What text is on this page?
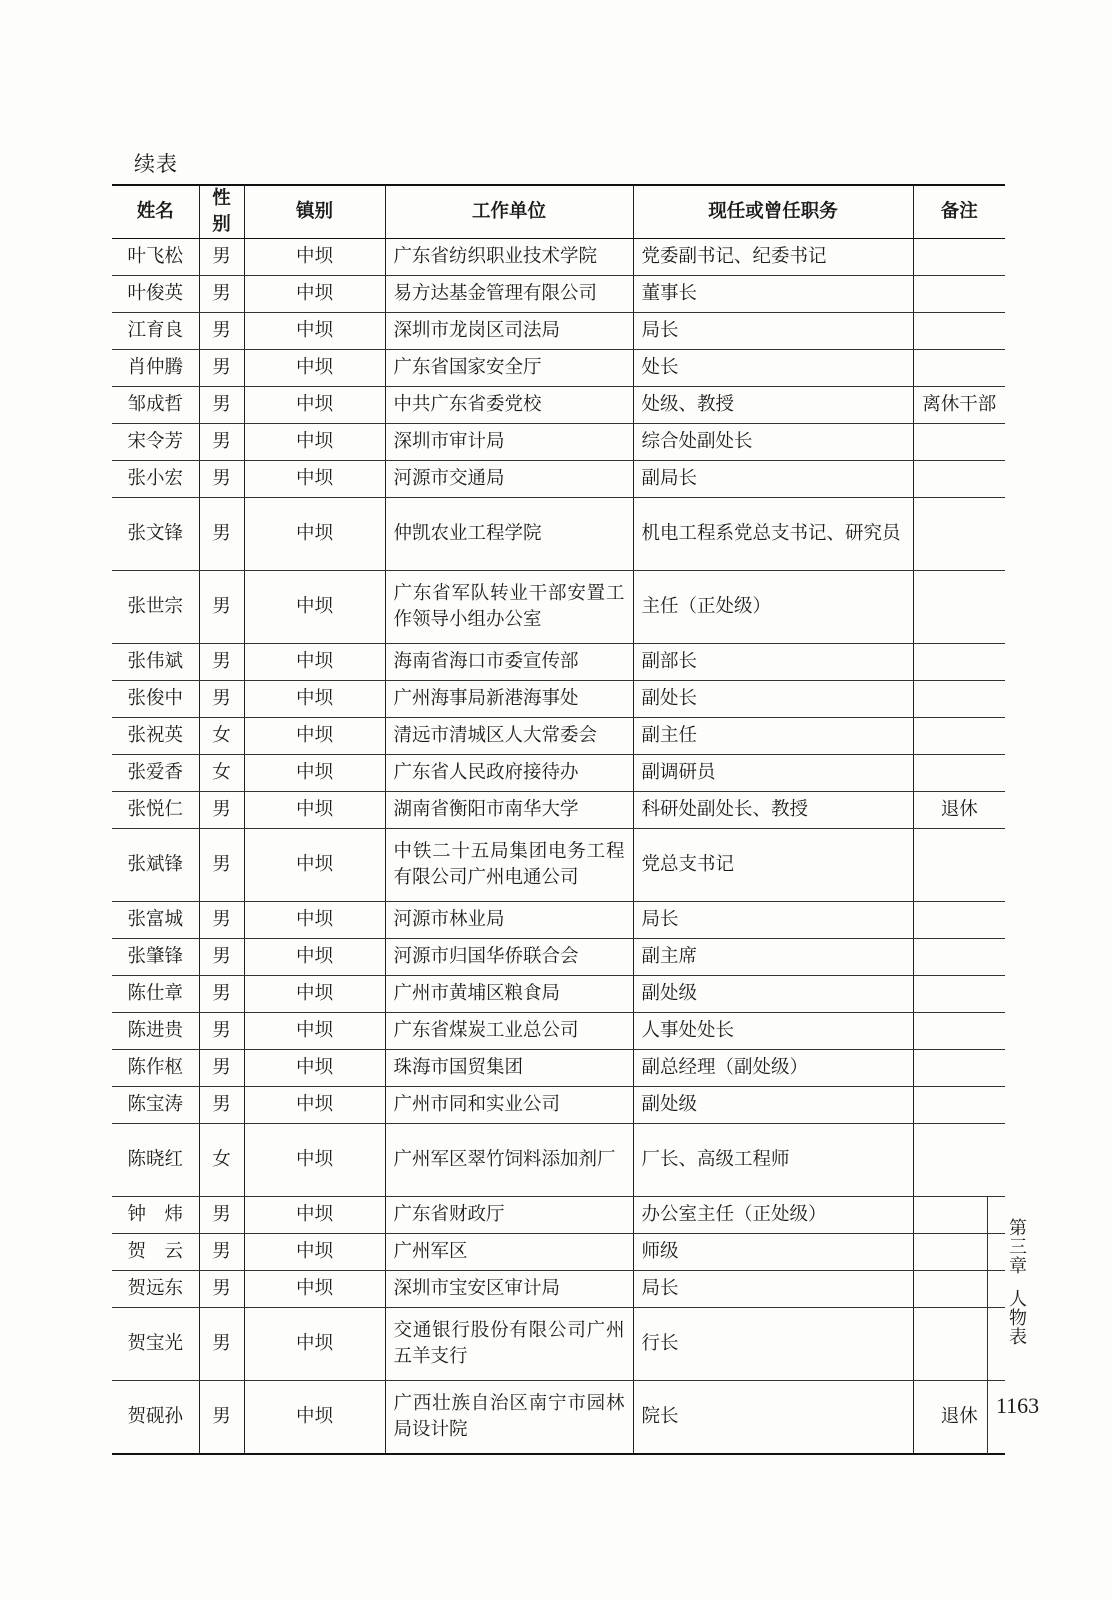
续表
姓名	性别	镇别	工作单位	现任或曾任职务	备注
叶飞松	男	中坝	广东省纺织职业技术学院	党委副书记、纪委书记	
叶俊英	男	中坝	易方达基金管理有限公司	董事长	
江育良	男	中坝	深圳市龙岗区司法局	局长	
肖仲腾	男	中坝	广东省国家安全厅	处长	
邹成哲	男	中坝	中共广东省委党校	处级、教授	离休干部
宋令芳	男	中坝	深圳市审计局	综合处副处长	
张小宏	男	中坝	河源市交通局	副局长	
张文锋	男	中坝	仲凯农业工程学院	机电工程系党总支书记、研究员	
张世宗	男	中坝	广东省军队转业干部安置工作领导小组办公室	主任（正处级）	
张伟斌	男	中坝	海南省海口市委宣传部	副部长	
张俊中	男	中坝	广州海事局新港海事处	副处长	
张祝英	女	中坝	清远市清城区人大常委会	副主任	
张爱香	女	中坝	广东省人民政府接待办	副调研员	
张悦仁	男	中坝	湖南省衡阳市南华大学	科研处副处长、教授	退休
张斌锋	男	中坝	中铁二十五局集团电务工程有限公司广州电通公司	党总支书记	
张富城	男	中坝	河源市林业局	局长	
张肇锋	男	中坝	河源市归国华侨联合会	副主席	
陈仕章	男	中坝	广州市黄埔区粮食局	副处级	
陈进贵	男	中坝	广东省煤炭工业总公司	人事处处长	
陈作枢	男	中坝	珠海市国贸集团	副总经理（副处级）	
陈宝涛	男	中坝	广州市同和实业公司	副处级	
陈晓红	女	中坝	广州军区翠竹饲料添加剂厂	厂长、高级工程师	
钟　炜	男	中坝	广东省财政厅	办公室主任（正处级）	
贺　云	男	中坝	广州军区	师级	
贺远东	男	中坝	深圳市宝安区审计局	局长	
贺宝光	男	中坝	交通银行股份有限公司广州五羊支行	行长	
贺砚孙	男	中坝	广西壮族自治区南宁市园林局设计院	院长	退休
第三章人物表
1163
